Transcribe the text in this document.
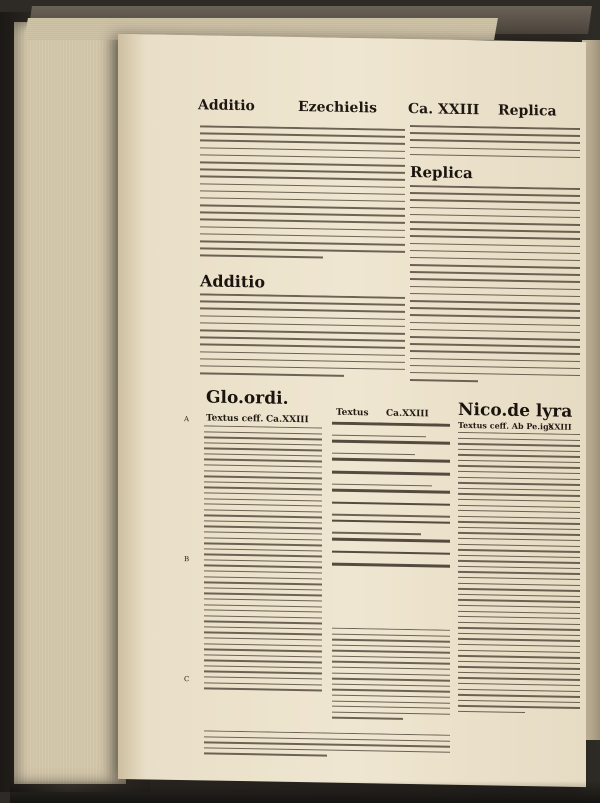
Additio	Ezechielis Ca. XXIII Replica
Replica
Additio
Glo.ordi.
Textus ceff. Ca.XXIII
Textus Ca.XXIII
A
B
C
Nico.de lyra
Textus ceff. Ab Pe.igs
XXIII
